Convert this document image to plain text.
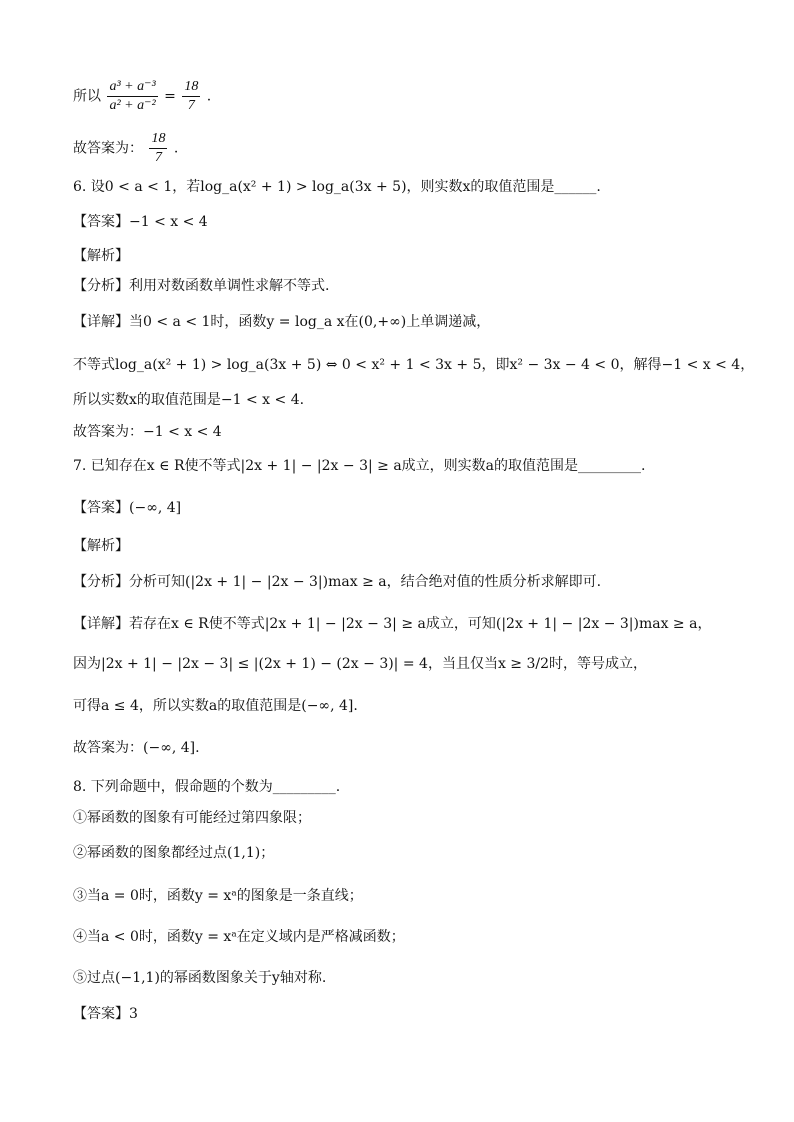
所以 $\frac{\text{a³ + a⁻³}}{\text{a² + a⁻²}} = \frac{18}{7}$ .
故答案为： $\frac{18}{7}$ .
6. 设0 < a < 1，若log_a(x² + 1) > log_a(3x + 5)，则实数x的取值范围是______.
【答案】−1 < x < 4
【解析】
【分析】利用对数函数单调性求解不等式.
【详解】当0 < a < 1时，函数y = log_a x在(0,+∞)上单调递减，
不等式log_a(x² + 1) > log_a(3x + 5) ⇔ 0 < x² + 1 < 3x + 5，即x² − 3x − 4 < 0，解得−1 < x < 4，
所以实数x的取值范围是−1 < x < 4.
故答案为：−1 < x < 4
7. 已知存在x ∈ R使不等式|2x + 1| − |2x − 3| ≥ a成立，则实数a的取值范围是_________.
【答案】(−∞, 4]
【解析】
【分析】分析可知(|2x + 1| − |2x − 3|)max ≥ a，结合绝对值的性质分析求解即可.
【详解】若存在x ∈ R使不等式|2x + 1| − |2x − 3| ≥ a成立，可知(|2x + 1| − |2x − 3|)max ≥ a，
因为|2x + 1| − |2x − 3| ≤ |(2x + 1) − (2x − 3)| = 4，当且仅当x ≥ 3/2时，等号成立，
可得a ≤ 4，所以实数a的取值范围是(−∞, 4].
故答案为：(−∞, 4].
8. 下列命题中，假命题的个数为_________.
①幂函数的图象有可能经过第四象限；
②幂函数的图象都经过点(1,1)；
③当a = 0时，函数y = xᵃ的图象是一条直线；
④当a < 0时，函数y = xᵃ在定义域内是严格减函数；
⑤过点(−1,1)的幂函数图象关于y轴对称.
【答案】3
